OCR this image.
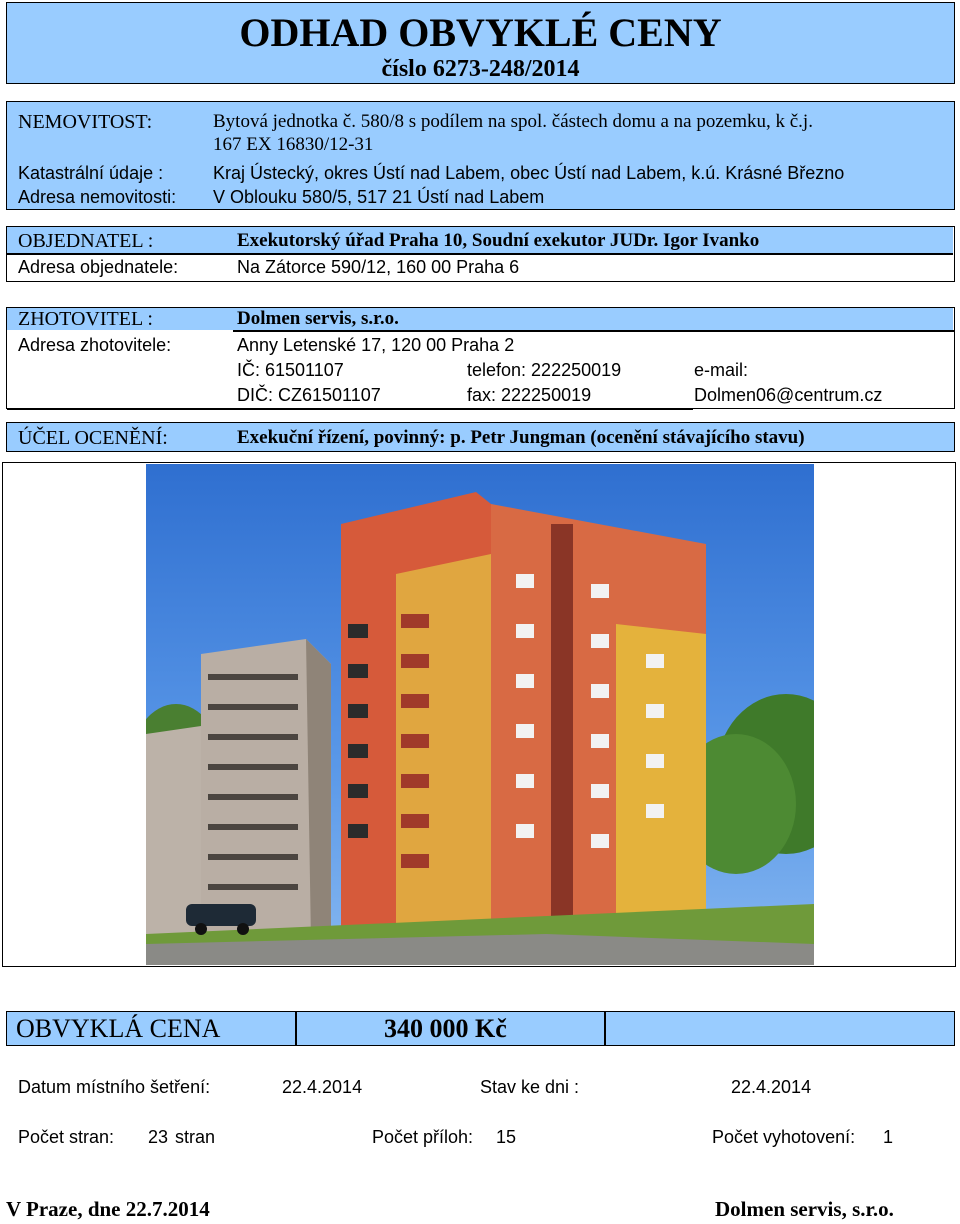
ODHAD OBVYKLÉ CENY
číslo 6273-248/2014
NEMOVITOST:	Bytová jednotka č. 580/8 s podílem na spol. částech domu a na pozemku, k č.j.
167 EX 16830/12-31
Katastrální údaje :	Kraj Ústecký, okres Ústí nad Labem, obec Ústí nad Labem, k.ú. Krásné Březno
Adresa nemovitosti: V Oblouku 580/5, 517 21 Ústí nad Labem
OBJEDNATEL :	Exekutorský úřad Praha 10, Soudní exekutor JUDr. Igor Ivanko
Adresa objednatele:	Na Zátorce 590/12, 160 00 Praha 6
ZHOTOVITEL :	Dolmen servis, s.r.o.
Adresa zhotovitele:	Anny Letenské 17, 120 00 Praha 2
IČ: 61501107	telefon: 222250019	e-mail:
DIČ: CZ61501107	fax: 222250019	Dolmen06@centrum.cz
ÚČEL OCENĚNÍ:	Exekuční řízení, povinný: p. Petr Jungman (ocenění stávajícího stavu)
OBVYKLÁ CENA	340 000 Kč
Datum místního šetření:	22.4.2014	Stav ke dni :	22.4.2014
Počet stran: 23 stran	Počet příloh: 15	Počet vyhotovení: 1
V Praze, dne 22.7.2014	Dolmen servis, s.r.o.
